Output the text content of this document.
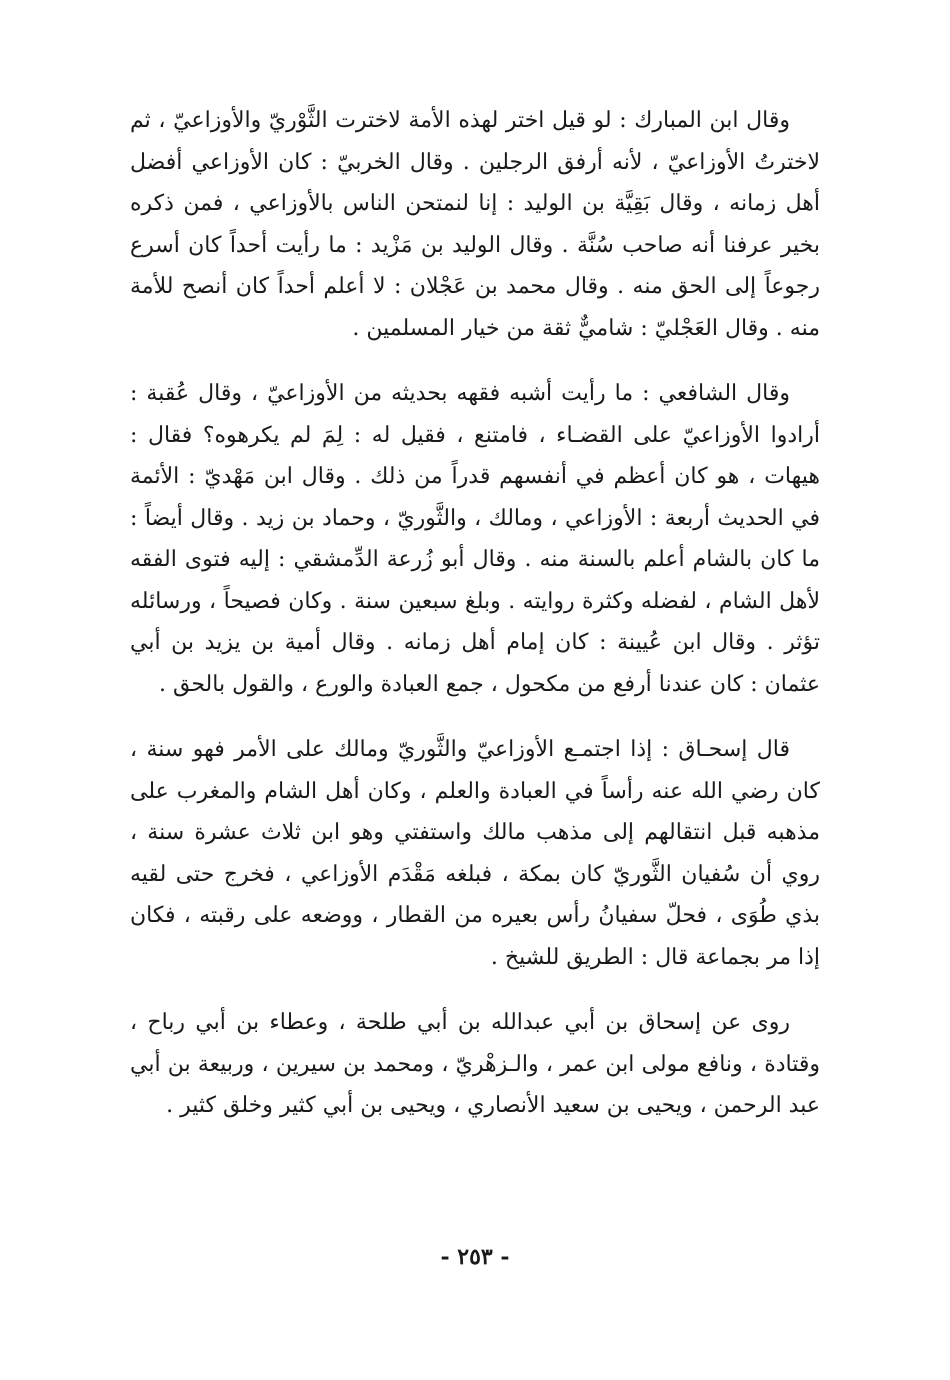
وقال ابن المبارك : لو قيل اختر لهذه الأمة لاخترت الثَّوْريّ والأوزاعيّ ، ثم لاخترتُ الأوزاعيّ ، لأنه أرفق الرجلين . وقال الخربيّ : كان الأوزاعي أفضل أهل زمانه ، وقال بَقِيَّة بن الوليد : إنا لنمتحن الناس بالأوزاعي ، فمن ذكره بخير عرفنا أنه صاحب سُنَّة . وقال الوليد بن مَزْيد : ما رأيت أحداً كان أسرع رجوعاً إلى الحق منه . وقال محمد بن عَجْلان : لا أعلم أحداً كان أنصح للأمة منه . وقال العَجْليّ : شاميٌّ ثقة من خيار المسلمين .

وقال الشافعي : ما رأيت أشبه فقهه بحديثه من الأوزاعيّ ، وقال عُقبة : أرادوا الأوزاعيّ على القضـاء ، فامتنع ، فقيل له : لِمَ لم يكرهوه؟ فقال : هيهات ، هو كان أعظم في أنفسهم قدراً من ذلك . وقال ابن مَهْديّ : الأئمة في الحديث أربعة : الأوزاعي ، ومالك ، والثَّوريّ ، وحماد بن زيد . وقال أيضاً : ما كان بالشام أعلم بالسنة منه . وقال أبو زُرعة الدِّمشقي : إليه فتوى الفقه لأهل الشام ، لفضله وكثرة روايته . وبلغ سبعين سنة . وكان فصيحاً ، ورسائله تؤثر . وقال ابن عُيينة : كان إمام أهل زمانه . وقال أمية بن يزيد بن أبي عثمان : كان عندنا أرفع من مكحول ، جمع العبادة والورع ، والقول بالحق .

قال إسحـاق : إذا اجتمـع الأوزاعيّ والثَّوريّ ومالك على الأمر فهو سنة ، كان رضي الله عنه رأساً في العبادة والعلم ، وكان أهل الشام والمغرب على مذهبه قبل انتقالهم إلى مذهب مالك واستفتي وهو ابن ثلاث عشرة سنة ، روي أن سُفيان الثَّوريّ كان بمكة ، فبلغه مَقْدَم الأوزاعي ، فخرج حتى لقيه بذي طُوَى ، فحلّ سفيانُ رأس بعيره من القطار ، ووضعه على رقبته ، فكان إذا مر بجماعة قال : الطريق للشيخ .

روى عن إسحاق بن أبي عبدالله بن أبي طلحة ، وعطاء بن أبي رباح ، وقتادة ، ونافع مولى ابن عمر ، والـزهْريّ ، ومحمد بن سيرين ، وربيعة بن أبي عبد الرحمن ، ويحيى بن سعيد الأنصاري ، ويحيى بن أبي كثير وخلق كثير .

- ٢٥٣ -
